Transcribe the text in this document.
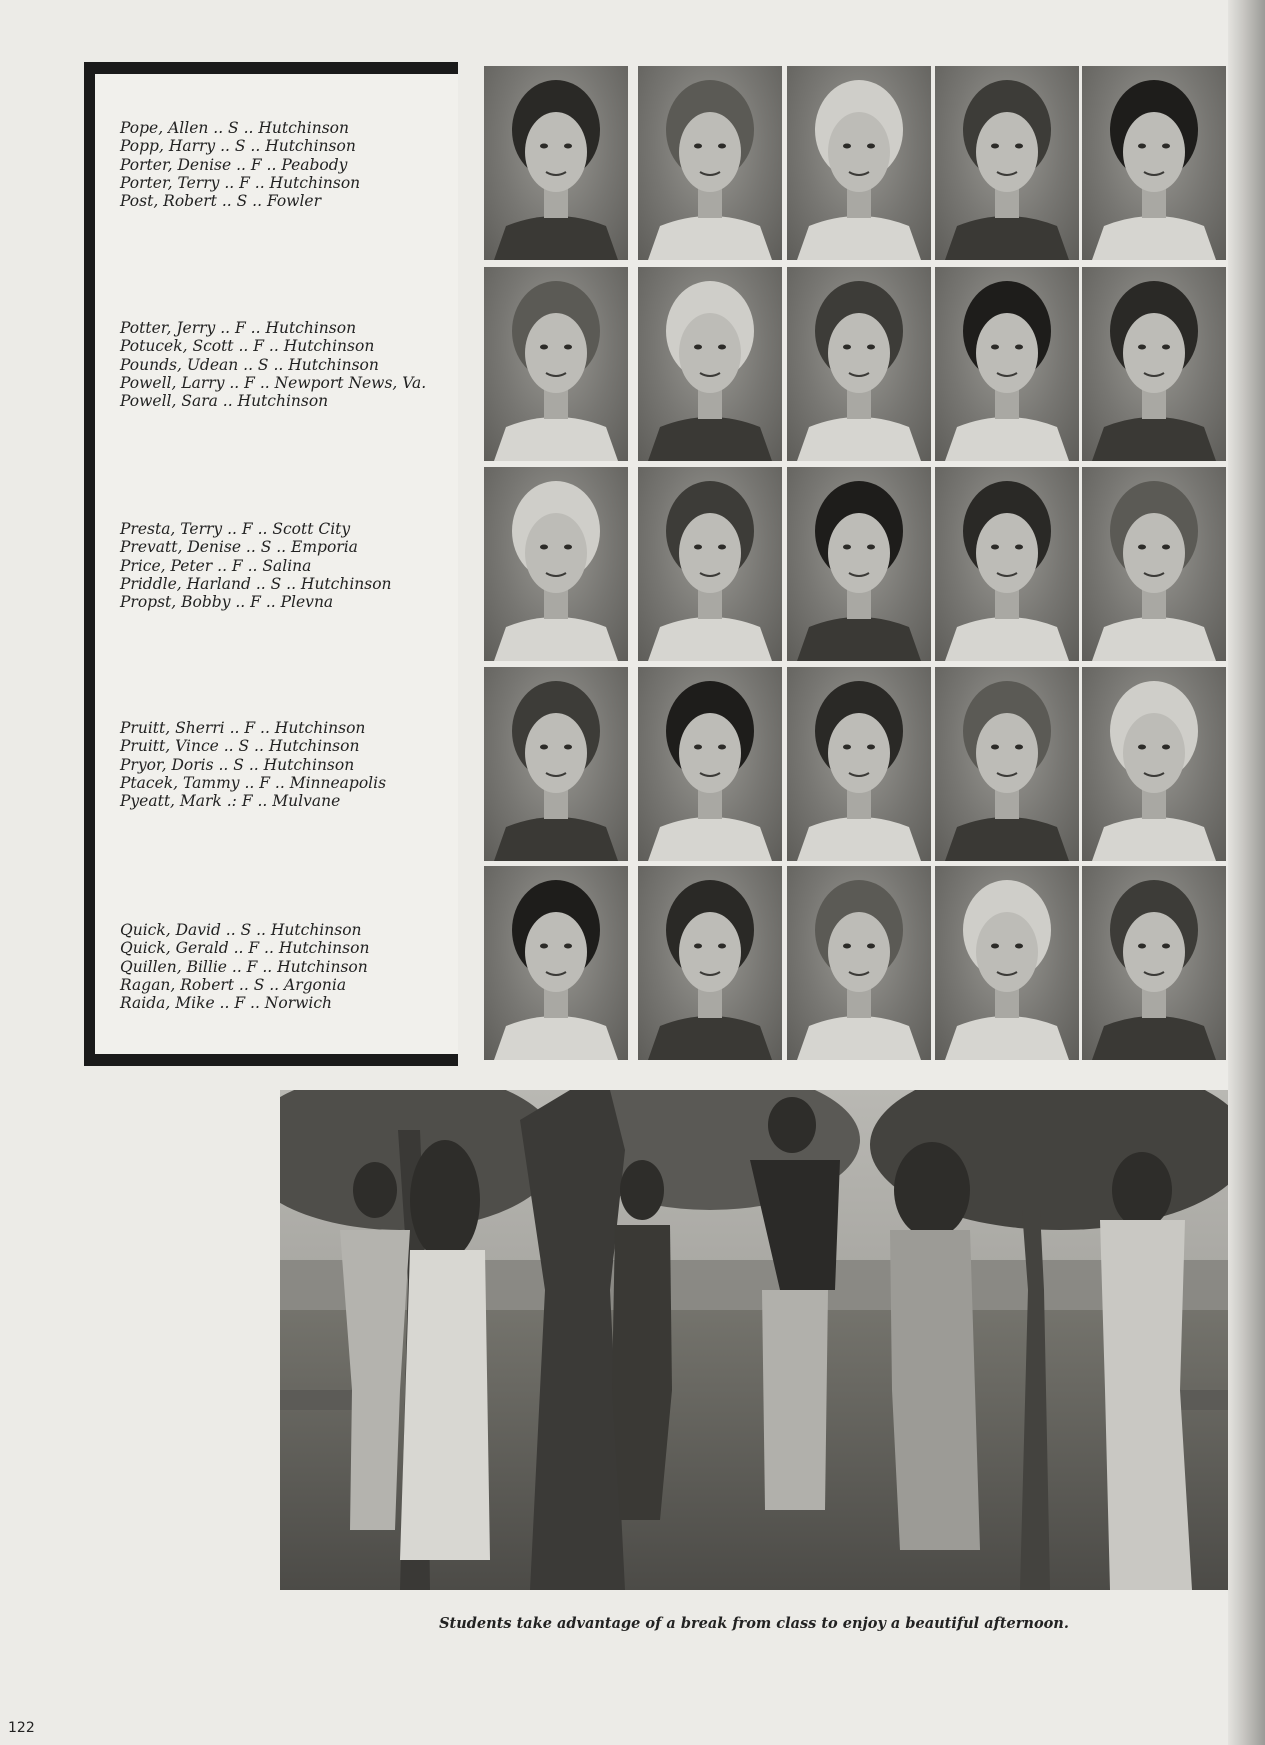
Pope, Allen .. S .. Hutchinson
Popp, Harry .. S .. Hutchinson
Porter, Denise .. F .. Peabody
Porter, Terry .. F .. Hutchinson
Post, Robert .. S .. Fowler
Potter, Jerry .. F .. Hutchinson
Potucek, Scott .. F .. Hutchinson
Pounds, Udean .. S .. Hutchinson
Powell, Larry .. F .. Newport News, Va.
Powell, Sara .. Hutchinson
Presta, Terry .. F .. Scott City
Prevatt, Denise .. S .. Emporia
Price, Peter .. F .. Salina
Priddle, Harland .. S .. Hutchinson
Propst, Bobby .. F .. Plevna
Pruitt, Sherri .. F .. Hutchinson
Pruitt, Vince .. S .. Hutchinson
Pryor, Doris .. S .. Hutchinson
Ptacek, Tammy .. F .. Minneapolis
Pyeatt, Mark .: F .. Mulvane
Quick, David .. S .. Hutchinson
Quick, Gerald .. F .. Hutchinson
Quillen, Billie .. F .. Hutchinson
Ragan, Robert .. S .. Argonia
Raida, Mike .. F .. Norwich
Students take advantage of a break from class to enjoy a beautiful afternoon.
122
